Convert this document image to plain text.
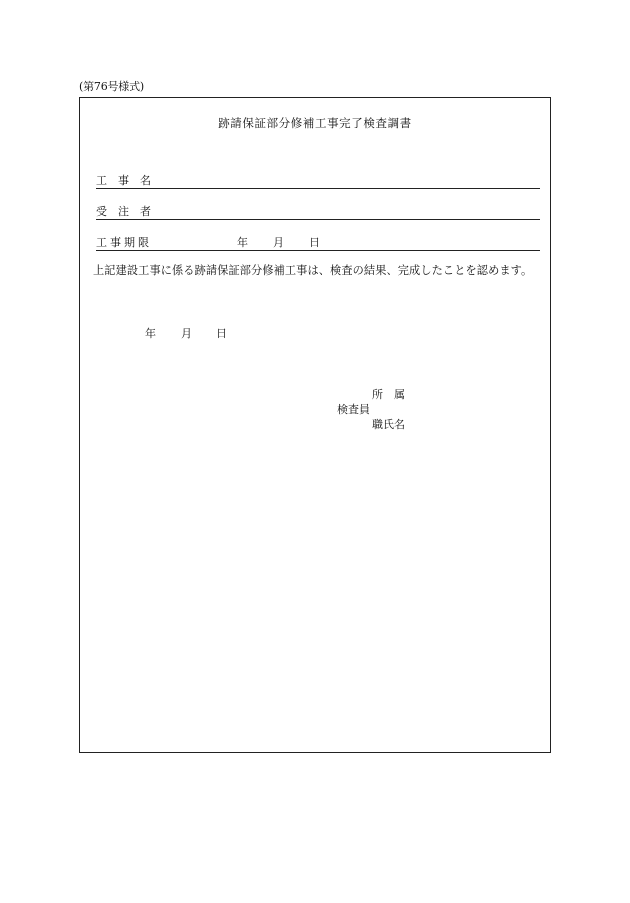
(第76号様式)
跡請保証部分修補工事完了検査調書
工　事　名
受　注　者
工事期限	年 月 日
上記建設工事に係る跡請保証部分修補工事は、検査の結果、完成したことを認めます。
年 月 日
所　属
検査員
職氏名
